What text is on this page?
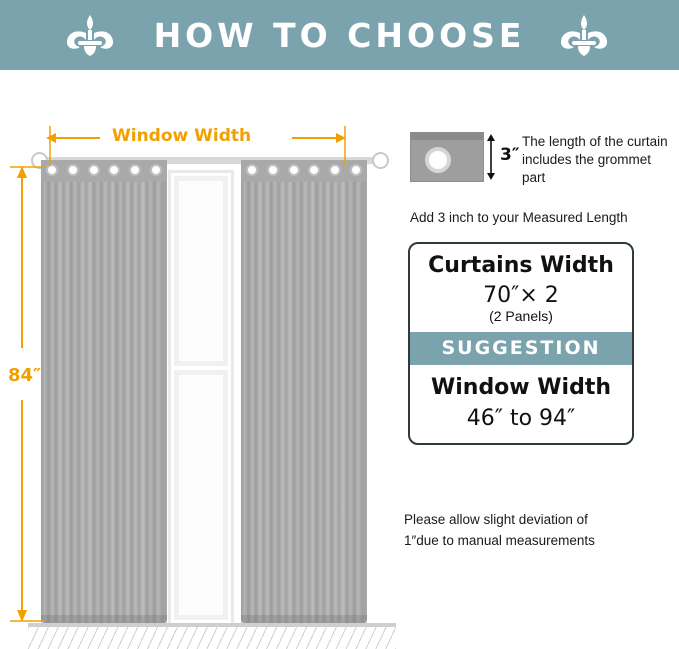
HOW TO CHOOSE
Window Width
84″
3″
The length of the curtain includes the grommet part
Add 3 inch to your Measured Length
Curtains Width
70″× 2
(2 Panels)
SUGGESTION
Window Width
46″ to 94″
Please allow slight deviation of
1″due to manual measurements
